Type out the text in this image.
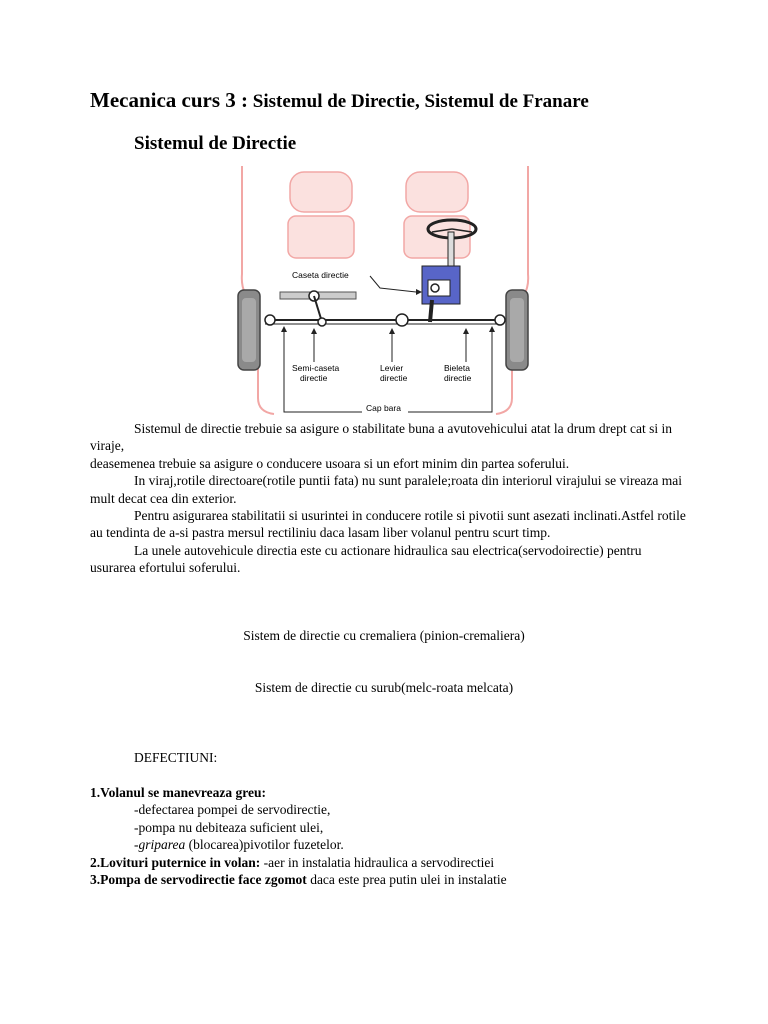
Mecanica curs 3 : Sistemul de Directie, Sistemul de Franare
Sistemul de Directie
Caseta directie
Semi-caseta
directie
Levier
directie
Bieleta
directie
Cap bara

Sistemul de directie trebuie sa asigure o stabilitate buna a avutovehicului atat la drum drept cat si in viraje,

deasemenea trebuie sa asigure o conducere usoara si un efort minim din partea soferului.

In viraj,rotile directoare(rotile puntii fata) nu sunt paralele;roata din interiorul virajului se vireaza mai mult decat cea din exterior.

Pentru asigurarea stabilitatii si usurintei in conducere rotile si pivotii sunt asezati inclinati.Astfel rotile au tendinta de a-si pastra mersul rectiliniu daca lasam liber volanul pentru scurt timp.

La unele autovehicule directia este cu actionare hidraulica sau electrica(servodoirectie) pentru usurarea efortului soferului.

Sistem de directie cu cremaliera (pinion-cremaliera)
Sistem de directie cu surub(melc-roata melcata)
DEFECTIUNI:

1.Volanul se manevreaza greu:

-defectarea pompei de servodirectie,

-pompa nu debiteaza suficient ulei,

-griparea (blocarea)pivotilor fuzetelor.

2.Lovituri puternice in volan: -aer in instalatia hidraulica a servodirectiei

3.Pompa de servodirectie face zgomot daca este prea putin ulei in instalatie
